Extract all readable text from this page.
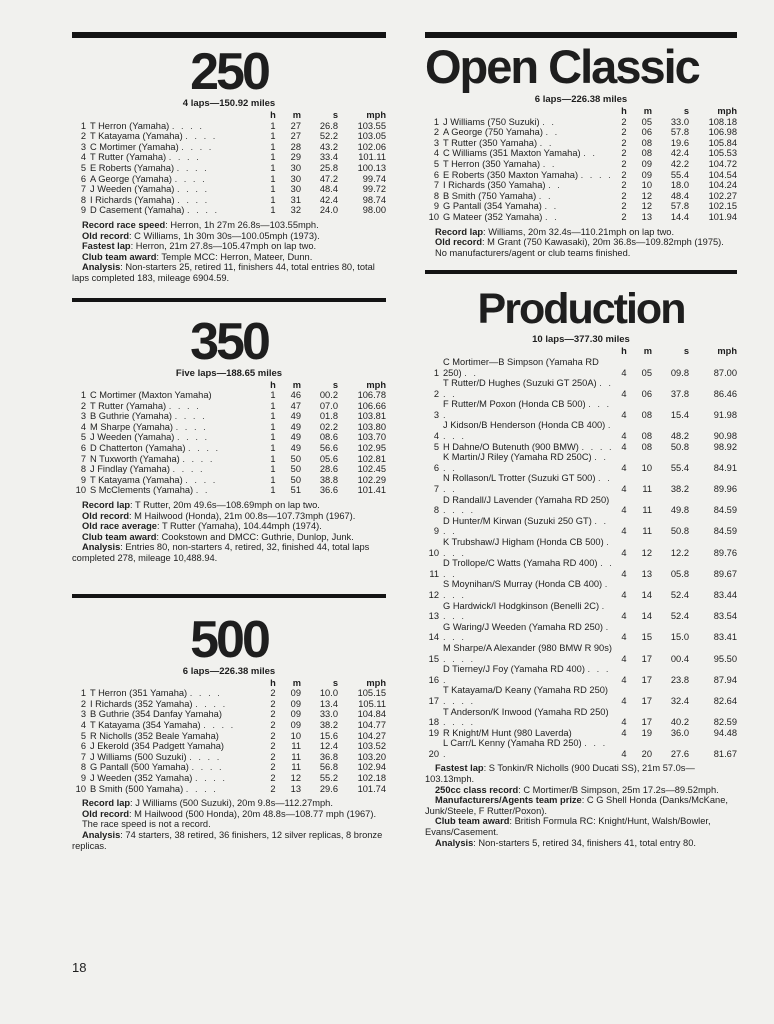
250
4 laps—150.92 miles
		h	m	s	mph
1	T Herron (Yamaha) . . . .	1	27	26.8	103.55
2	T Katayama (Yamaha) . . . .	1	27	52.2	103.05
3	C Mortimer (Yamaha) . . . .	1	28	43.2	102.06
4	T Rutter (Yamaha) . . . .	1	29	33.4	101.11
5	E Roberts (Yamaha) . . . .	1	30	25.8	100.13
6	A George (Yamaha) . . . .	1	30	47.2	99.74
7	J Weeden (Yamaha) . . . .	1	30	48.4	99.72
8	I Richards (Yamaha) . . . .	1	31	42.4	98.74
9	D Casement (Yamaha) . . . .	1	32	24.0	98.00

Record race speed: Herron, 1h 27m 26.8s—103.55mph.

Old record: C Williams, 1h 30m 30s—100.05mph (1973).

Fastest lap: Herron, 21m 27.8s—105.47mph on lap two.

Club team award: Temple MCC: Herron, Mateer, Dunn.

Analysis: Non-starters 25, retired 11, finishers 44, total entries 80, total laps completed 183, mileage 6904.59.

350
Five laps—188.65 miles
		h	m	s	mph
1	C Mortimer (Maxton Yamaha)	1	46	00.2	106.78
2	T Rutter (Yamaha) . . . .	1	47	07.0	106.66
3	B Guthrie (Yamaha) . . . .	1	49	01.8	103.81
4	M Sharpe (Yamaha) . . . .	1	49	02.2	103.80
5	J Weeden (Yamaha) . . . .	1	49	08.6	103.70
6	D Chatterton (Yamaha) . . . .	1	49	56.6	102.95
7	N Tuxworth (Yamaha) . . . .	1	50	05.6	102.81
8	J Findlay (Yamaha) . . . .	1	50	28.6	102.45
9	T Katayama (Yamaha) . . . .	1	50	38.8	102.29
10	S McClements (Yamaha) . .	1	51	36.6	101.41

Record lap: T Rutter, 20m 49.6s—108.69mph on lap two.

Old record: M Hailwood (Honda), 21m 00.8s—107.73mph (1967).

Old race average: T Rutter (Yamaha), 104.44mph (1974).

Club team award: Cookstown and DMCC: Guthrie, Dunlop, Junk.

Analysis: Entries 80, non-starters 4, retired, 32, finished 44, total laps completed 278, mileage 10,488.94.

500
6 laps—226.38 miles
		h	m	s	mph
1	T Herron (351 Yamaha) . . . .	2	09	10.0	105.15
2	I Richards (352 Yamaha) . . . .	2	09	13.4	105.11
3	B Guthrie (354 Danfay Yamaha)	2	09	33.0	104.84
4	T Katayama (354 Yamaha) . . . .	2	09	38.2	104.77
5	R Nicholls (352 Beale Yamaha)	2	10	15.6	104.27
6	J Ekerold (354 Padgett Yamaha)	2	11	12.4	103.52
7	J Williams (500 Suzuki) . . . .	2	11	36.8	103.20
8	G Pantall (500 Yamaha) . . . .	2	11	56.8	102.94
9	J Weeden (352 Yamaha) . . . .	2	12	55.2	102.18
10	B Smith (500 Yamaha) . . . .	2	13	29.6	101.74

Record lap: J Williams (500 Suzuki), 20m 9.8s—112.27mph.

Old record: M Hailwood (500 Honda), 20m 48.8s—108.77 mph (1967).

The race speed is not a record.

Analysis: 74 starters, 38 retired, 36 finishers, 12 silver replicas, 8 bronze replicas.

Open Classic
6 laps—226.38 miles
		h	m	s	mph
1	J Williams (750 Suzuki) . .	2	05	33.0	108.18
2	A George (750 Yamaha) . .	2	06	57.8	106.98
3	T Rutter (350 Yamaha) . .	2	08	19.6	105.84
4	C Williams (351 Maxton Yamaha) . .	2	08	42.4	105.53
5	T Herron (350 Yamaha) . .	2	09	42.2	104.72
6	E Roberts (350 Maxton Yamaha) . . . .	2	09	55.4	104.54
7	I Richards (350 Yamaha) . .	2	10	18.0	104.24
8	B Smith (750 Yamaha) . .	2	12	48.4	102.27
9	G Pantall (354 Yamaha) . .	2	12	57.8	102.15
10	G Mateer (352 Yamaha) . .	2	13	14.4	101.94

Record lap: Williams, 20m 32.4s—110.21mph on lap two.

Old record: M Grant (750 Kawasaki), 20m 36.8s—109.82mph (1975).

No manufacturers/agent or club teams finished.

Production
10 laps—377.30 miles
		h	m	s	mph
1	C Mortimer—B Simpson (Yamaha RD 250) . .	4	05	09.8	87.00
2	T Rutter/D Hughes (Suzuki GT 250A) . . . .	4	06	37.8	86.46
3	F Rutter/M Poxon (Honda CB 500) . . . .	4	08	15.4	91.98
4	J Kidson/B Henderson (Honda CB 400) . . . .	4	08	48.2	90.98
5	H Dahne/O Butenuth (900 BMW) . . . .	4	08	50.8	98.92
6	K Martin/J Riley (Yamaha RD 250C) . . . .	4	10	55.4	84.91
7	N Rollason/L Trotter (Suzuki GT 500) . . . .	4	11	38.2	89.96
8	D Randall/J Lavender (Yamaha RD 250) . . . .	4	11	49.8	84.59
9	D Hunter/M Kirwan (Suzuki 250 GT) . . . .	4	11	50.8	84.59
10	K Trubshaw/J Higham (Honda CB 500) . . . .	4	12	12.2	89.76
11	D Trollope/C Watts (Yamaha RD 400) . . . .	4	13	05.8	89.67
12	S Moynihan/S Murray (Honda CB 400) . . . .	4	14	52.4	83.44
13	G Hardwick/I Hodgkinson (Benelli 2C) . . . .	4	14	52.4	83.54
14	G Waring/J Weeden (Yamaha RD 250) . . . .	4	15	15.0	83.41
15	M Sharpe/A Alexander (980 BMW R 90s) . . . .	4	17	00.4	95.50
16	D Tierney/J Foy (Yamaha RD 400) . . . .	4	17	23.8	87.94
17	T Katayama/D Keany (Yamaha RD 250) . . . .	4	17	32.4	82.64
18	T Anderson/K Inwood (Yamaha RD 250) . . . .	4	17	40.2	82.59
19	R Knight/M Hunt (980 Laverda)	4	19	36.0	94.48
20	L Carr/L Kenny (Yamaha RD 250) . . . .	4	20	27.6	81.67

Fastest lap: S Tonkin/R Nicholls (900 Ducati SS), 21m 57.0s—103.13mph.

250cc class record: C Mortimer/B Simpson, 25m 17.2s—89.52mph.

Manufacturers/Agents team prize: C G Shell Honda (Danks/McKane, Junk/Steele, F Rutter/Poxon).

Club team award: British Formula RC: Knight/Hunt, Walsh/Bowler, Evans/Casement.

Analysis: Non-starters 5, retired 34, finishers 41, total entry 80.

18
